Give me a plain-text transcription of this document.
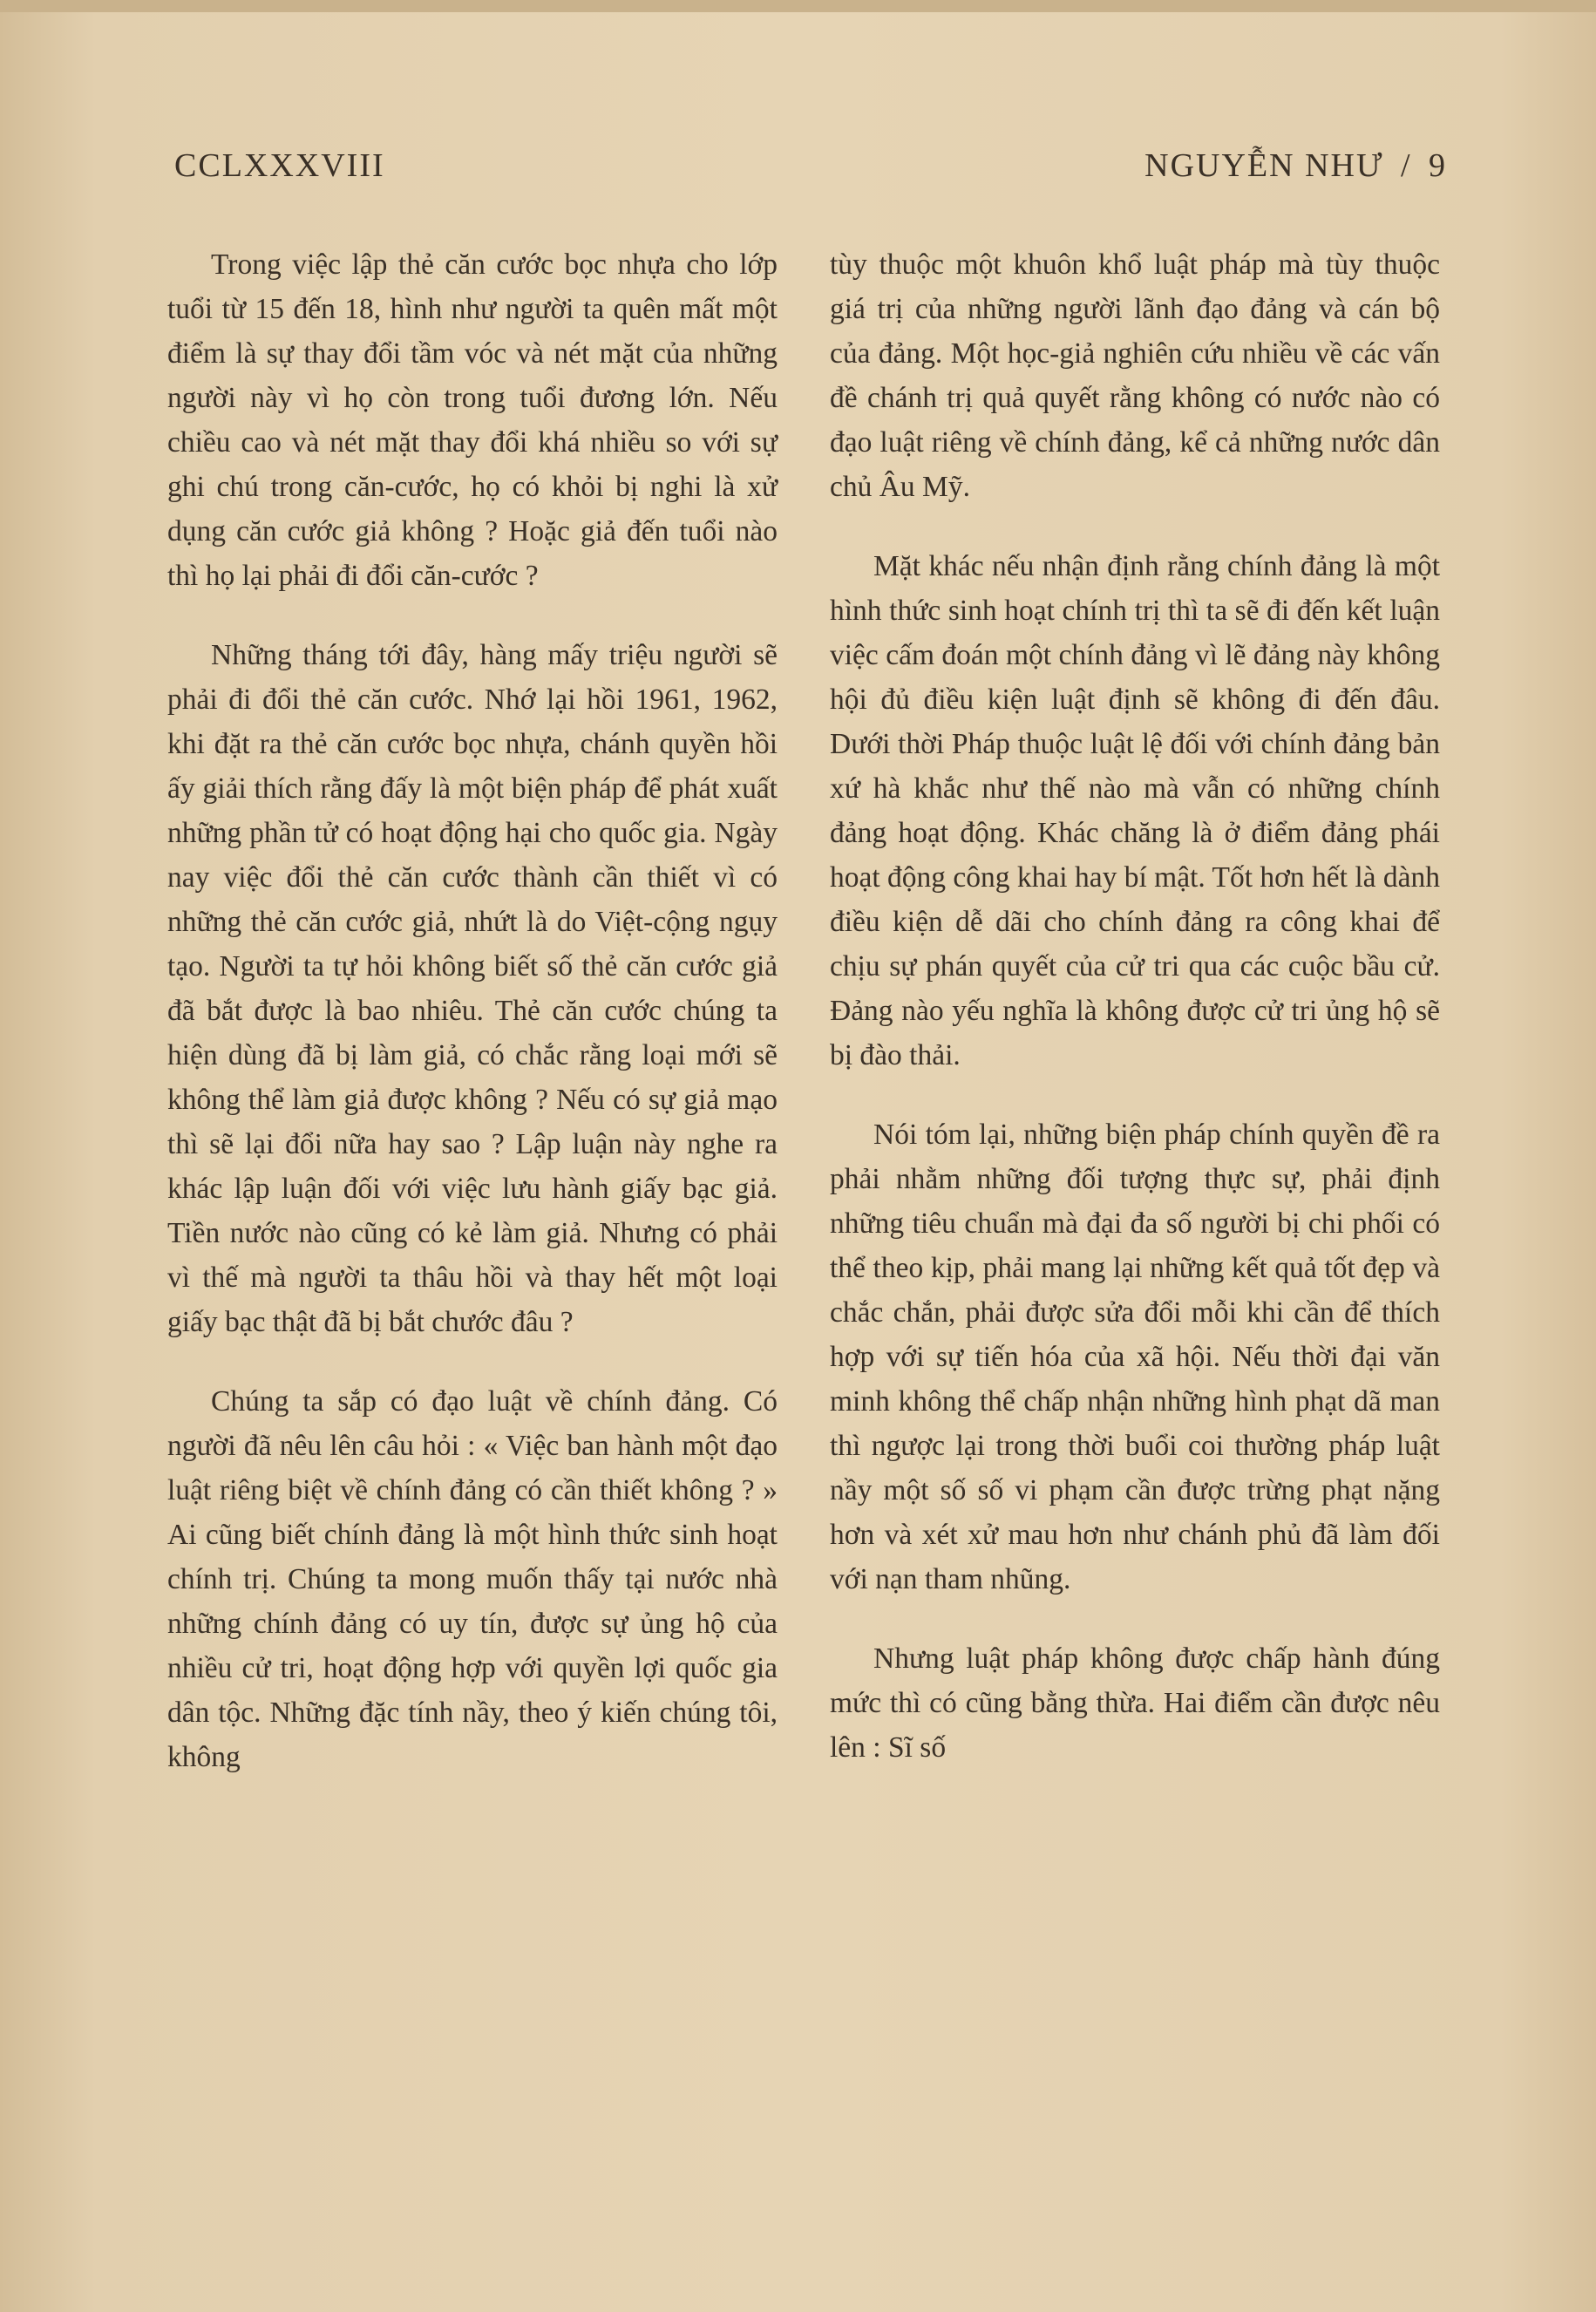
CCLXXXVIII	NGUYỄN NHƯ / 9

Trong việc lập thẻ căn cước bọc nhựa cho lớp tuổi từ 15 đến 18, hình như người ta quên mất một điểm là sự thay đổi tầm vóc và nét mặt của những người này vì họ còn trong tuổi đương lớn. Nếu chiều cao và nét mặt thay đổi khá nhiều so với sự ghi chú trong căn-cước, họ có khỏi bị nghi là xử dụng căn cước giả không ? Hoặc giả đến tuổi nào thì họ lại phải đi đổi căn-cước ?

Những tháng tới đây, hàng mấy triệu người sẽ phải đi đổi thẻ căn cước. Nhớ lại hồi 1961, 1962, khi đặt ra thẻ căn cước bọc nhựa, chánh quyền hồi ấy giải thích rằng đấy là một biện pháp để phát xuất những phần tử có hoạt động hại cho quốc gia. Ngày nay việc đổi thẻ căn cước thành cần thiết vì có những thẻ căn cước giả, nhứt là do Việt-cộng ngụy tạo. Người ta tự hỏi không biết số thẻ căn cước giả đã bắt được là bao nhiêu. Thẻ căn cước chúng ta hiện dùng đã bị làm giả, có chắc rằng loại mới sẽ không thể làm giả được không ? Nếu có sự giả mạo thì sẽ lại đổi nữa hay sao ? Lập luận này nghe ra khác lập luận đối với việc lưu hành giấy bạc giả. Tiền nước nào cũng có kẻ làm giả. Nhưng có phải vì thế mà người ta thâu hồi và thay hết một loại giấy bạc thật đã bị bắt chước đâu ?

Chúng ta sắp có đạo luật về chính đảng. Có người đã nêu lên câu hỏi : « Việc ban hành một đạo luật riêng biệt về chính đảng có cần thiết không ? » Ai cũng biết chính đảng là một hình thức sinh hoạt chính trị. Chúng ta mong muốn thấy tại nước nhà những chính đảng có uy tín, được sự ủng hộ của nhiều cử tri, hoạt động hợp với quyền lợi quốc gia dân tộc. Những đặc tính nầy, theo ý kiến chúng tôi, không

tùy thuộc một khuôn khổ luật pháp mà tùy thuộc giá trị của những người lãnh đạo đảng và cán bộ của đảng. Một học-giả nghiên cứu nhiều về các vấn đề chánh trị quả quyết rằng không có nước nào có đạo luật riêng về chính đảng, kể cả những nước dân chủ Âu Mỹ.

Mặt khác nếu nhận định rằng chính đảng là một hình thức sinh hoạt chính trị thì ta sẽ đi đến kết luận việc cấm đoán một chính đảng vì lẽ đảng này không hội đủ điều kiện luật định sẽ không đi đến đâu. Dưới thời Pháp thuộc luật lệ đối với chính đảng bản xứ hà khắc như thế nào mà vẫn có những chính đảng hoạt động. Khác chăng là ở điểm đảng phái hoạt động công khai hay bí mật. Tốt hơn hết là dành điều kiện dễ dãi cho chính đảng ra công khai để chịu sự phán quyết của cử tri qua các cuộc bầu cử. Đảng nào yếu nghĩa là không được cử tri ủng hộ sẽ bị đào thải.

Nói tóm lại, những biện pháp chính quyền đề ra phải nhằm những đối tượng thực sự, phải định những tiêu chuẩn mà đại đa số người bị chi phối có thể theo kịp, phải mang lại những kết quả tốt đẹp và chắc chắn, phải được sửa đổi mỗi khi cần để thích hợp với sự tiến hóa của xã hội. Nếu thời đại văn minh không thể chấp nhận những hình phạt dã man thì ngược lại trong thời buổi coi thường pháp luật nầy một số số vi phạm cần được trừng phạt nặng hơn và xét xử mau hơn như chánh phủ đã làm đối với nạn tham nhũng.

Nhưng luật pháp không được chấp hành đúng mức thì có cũng bằng thừa. Hai điểm cần được nêu lên : Sĩ số
